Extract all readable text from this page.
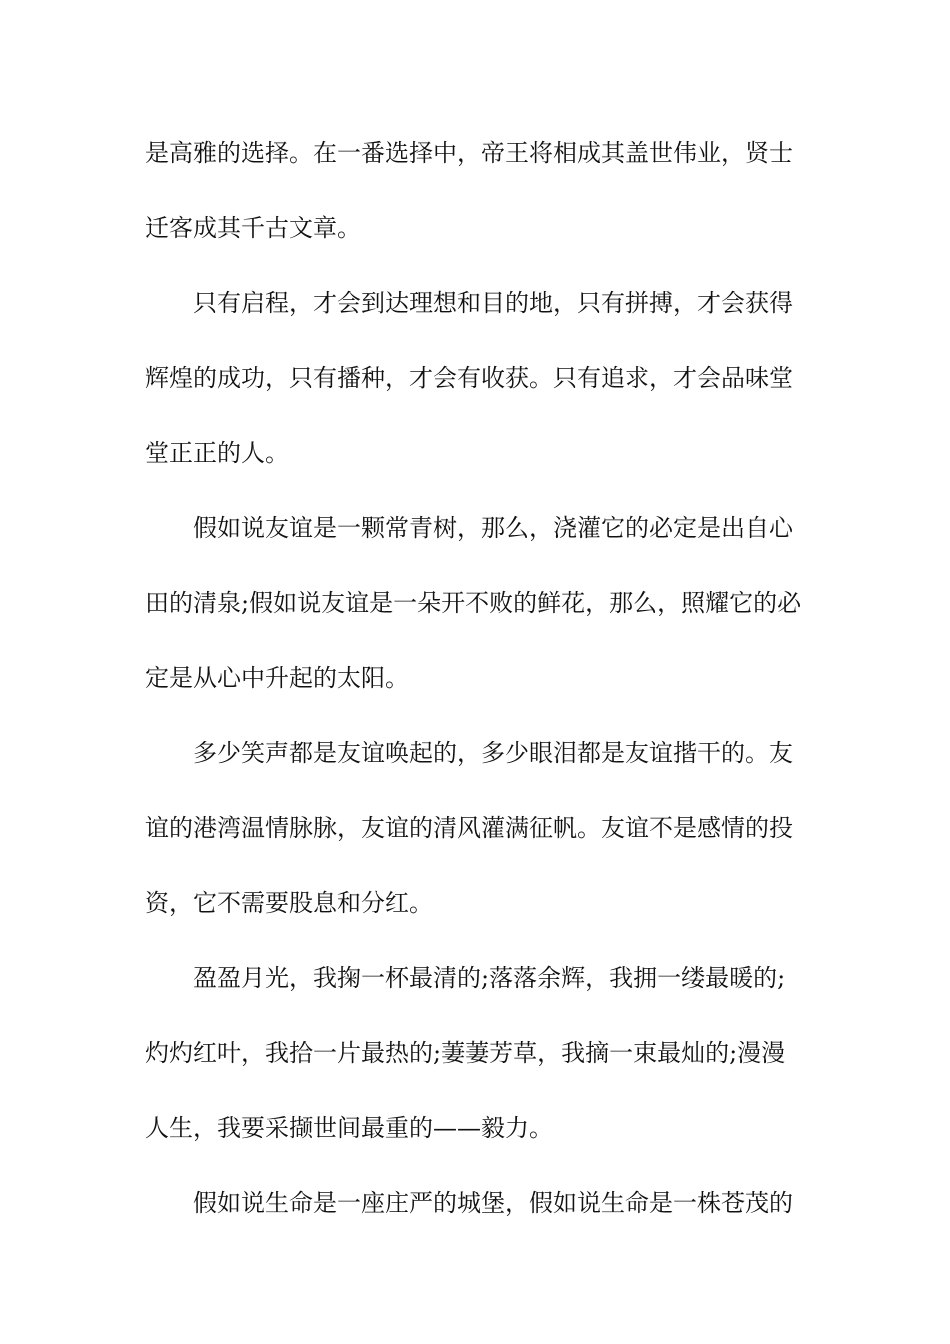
是高雅的选择。在一番选择中，帝王将相成其盖世伟业，贤士
迁客成其千古文章。
只有启程，才会到达理想和目的地，只有拼搏，才会获得
辉煌的成功，只有播种，才会有收获。只有追求，才会品味堂
堂正正的人。
假如说友谊是一颗常青树，那么，浇灌它的必定是出自心
田的清泉;假如说友谊是一朵开不败的鲜花，那么，照耀它的必
定是从心中升起的太阳。
多少笑声都是友谊唤起的，多少眼泪都是友谊揩干的。友
谊的港湾温情脉脉，友谊的清风灌满征帆。友谊不是感情的投
资，它不需要股息和分红。
盈盈月光，我掬一杯最清的;落落余辉，我拥一缕最暖的;
灼灼红叶，我拾一片最热的;萋萋芳草，我摘一束最灿的;漫漫
人生，我要采撷世间最重的——毅力。
假如说生命是一座庄严的城堡，假如说生命是一株苍茂的
